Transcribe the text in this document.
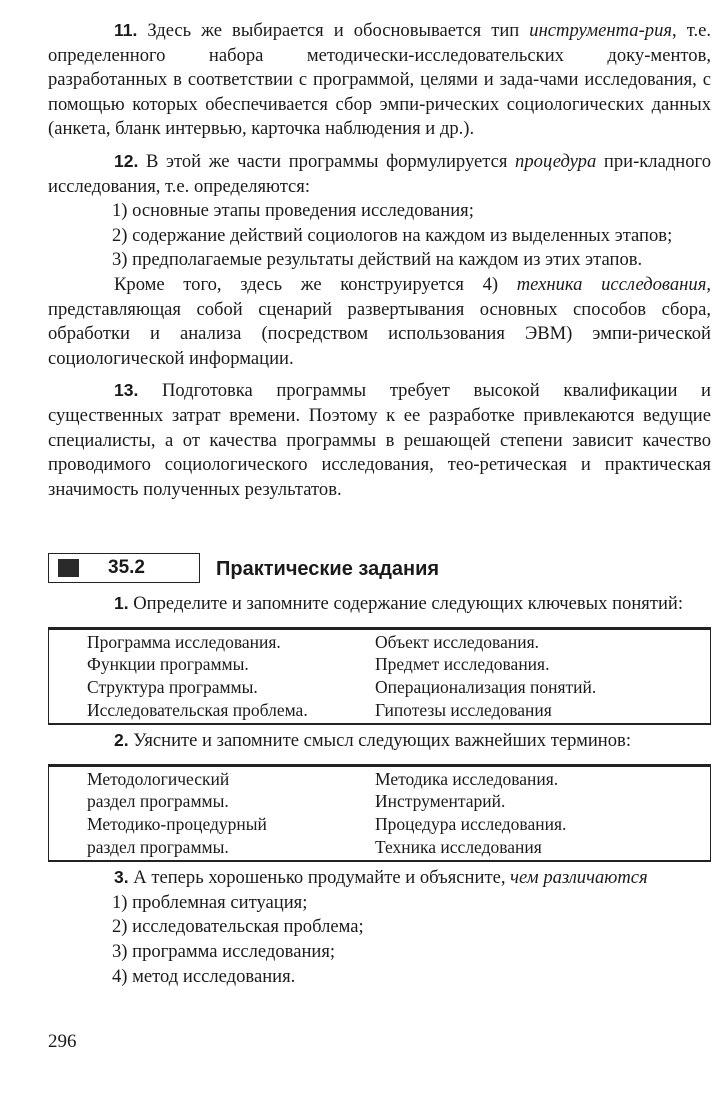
11. Здесь же выбирается и обосновывается тип инструмента-рия, т.е. определенного набора методически-исследовательских доку-ментов, разработанных в соответствии с программой, целями и зада-чами исследования, с помощью которых обеспечивается сбор эмпи-рических социологических данных (анкета, бланк интервью, карточка наблюдения и др.).

12. В этой же части программы формулируется процедура при-кладного исследования, т.е. определяются:

1) основные этапы проведения исследования;

2) содержание действий социологов на каждом из выделенных этапов;

3) предполагаемые результаты действий на каждом из этих этапов.

Кроме того, здесь же конструируется 4) техника исследования, представляющая собой сценарий развертывания основных способов сбора, обработки и анализа (посредством использования ЭВМ) эмпи-рической социологической информации.

13. Подготовка программы требует высокой квалификации и существенных затрат времени. Поэтому к ее разработке привлекаются ведущие специалисты, а от качества программы в решающей степени зависит качество проводимого социологического исследования, тео-ретическая и практическая значимость полученных результатов.

35.2	Практические задания

1. Определите и запомните содержание следующих ключевых понятий:

Программа исследования.	Объект исследования.
Функции программы.	Предмет исследования.
Структура программы.	Операционализация понятий.
Исследовательская проблема.	Гипотезы исследования

2. Уясните и запомните смысл следующих важнейших терминов:

Методологический	Методика исследования.
раздел программы.	Инструментарий.
Методико-процедурный	Процедура исследования.
раздел программы.	Техника исследования

3. А теперь хорошенько продумайте и объясните, чем различаются

1) проблемная ситуация;

2) исследовательская проблема;

3) программа исследования;

4) метод исследования.

296
